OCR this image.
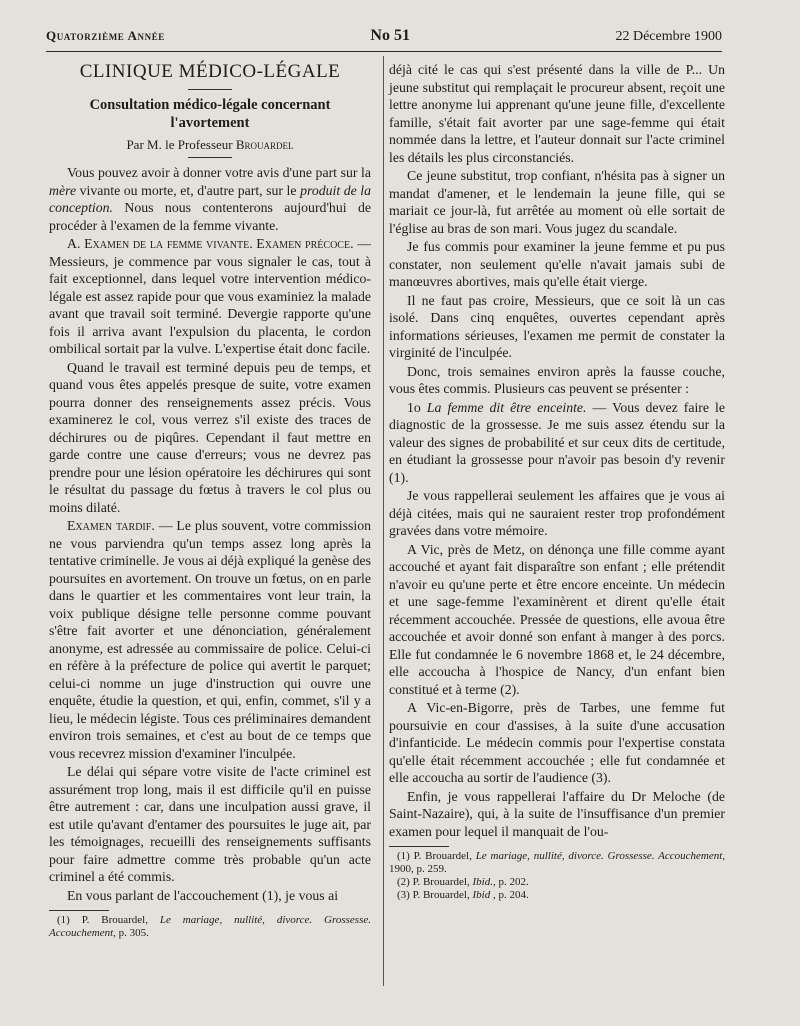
Quatorzième Année	No 51	22 Décembre 1900
CLINIQUE MÉDICO-LÉGALE
Consultation médico-légale concernant
l'avortement
Par M. le Professeur Brouardel

Vous pouvez avoir à donner votre avis d'une part sur la mère vivante ou morte, et, d'autre part, sur le produit de la conception. Nous nous contenterons aujourd'hui de procéder à l'examen de la femme vivante.

A. Examen de la femme vivante. Examen précoce. — Messieurs, je commence par vous signaler le cas, tout à fait exceptionnel, dans lequel votre intervention médico-légale est assez rapide pour que vous examiniez la malade avant que travail soit terminé. Devergie rapporte qu'une fois il arriva avant l'expulsion du placenta, le cordon ombilical sortait par la vulve. L'expertise était donc facile.

Quand le travail est terminé depuis peu de temps, et quand vous êtes appelés presque de suite, votre examen pourra donner des renseignements assez précis. Vous examinerez le col, vous verrez s'il existe des traces de déchirures ou de piqûres. Cependant il faut mettre en garde contre une cause d'erreurs; vous ne devrez pas prendre pour une lésion opératoire les déchirures qui sont le résultat du passage du fœtus à travers le col plus ou moins dilaté.

Examen tardif. — Le plus souvent, votre commission ne vous parviendra qu'un temps assez long après la tentative criminelle. Je vous ai déjà expliqué la genèse des poursuites en avortement. On trouve un fœtus, on en parle dans le quartier et les commentaires vont leur train, la voix publique désigne telle personne comme pouvant s'être fait avorter et une dénonciation, généralement anonyme, est adressée au commissaire de police. Celui-ci en réfère à la préfecture de police qui avertit le parquet; celui-ci nomme un juge d'instruction qui ouvre une enquête, étudie la question, et qui, enfin, commet, s'il y a lieu, le médecin légiste. Tous ces préliminaires demandent environ trois semaines, et c'est au bout de ce temps que vous recevrez mission d'examiner l'inculpée.

Le délai qui sépare votre visite de l'acte criminel est assurément trop long, mais il est difficile qu'il en puisse être autrement : car, dans une inculpation aussi grave, il est utile qu'avant d'entamer des poursuites le juge ait, par les témoignages, recueilli des renseignements suffisants pour faire admettre comme très probable qu'un acte criminel a été commis.

En vous parlant de l'accouchement (1), je vous ai

(1) P. Brouardel, Le mariage, nullité, divorce. Grossesse. Accouchement, p. 305.

déjà cité le cas qui s'est présenté dans la ville de P... Un jeune substitut qui remplaçait le procureur absent, reçoit une lettre anonyme lui apprenant qu'une jeune fille, d'excellente famille, s'était fait avorter par une sage-femme qui était nommée dans la lettre, et l'auteur donnait sur l'acte criminel les détails les plus circonstanciés.

Ce jeune substitut, trop confiant, n'hésita pas à signer un mandat d'amener, et le lendemain la jeune fille, qui se mariait ce jour-là, fut arrêtée au moment où elle sortait de l'église au bras de son mari. Vous jugez du scandale.

Je fus commis pour examiner la jeune femme et pu pus constater, non seulement qu'elle n'avait jamais subi de manœuvres abortives, mais qu'elle était vierge.

Il ne faut pas croire, Messieurs, que ce soit là un cas isolé. Dans cinq enquêtes, ouvertes cependant après informations sérieuses, l'examen me permit de constater la virginité de l'inculpée.

Donc, trois semaines environ après la fausse couche, vous êtes commis. Plusieurs cas peuvent se présenter :

1o La femme dit être enceinte. — Vous devez faire le diagnostic de la grossesse. Je me suis assez étendu sur la valeur des signes de probabilité et sur ceux dits de certitude, en étudiant la grossesse pour n'avoir pas besoin d'y revenir (1).

Je vous rappellerai seulement les affaires que je vous ai déjà citées, mais qui ne sauraient rester trop profondément gravées dans votre mémoire.

A Vic, près de Metz, on dénonça une fille comme ayant accouché et ayant fait disparaître son enfant ; elle prétendit n'avoir eu qu'une perte et être encore enceinte. Un médecin et une sage-femme l'examinèrent et dirent qu'elle était récemment accouchée. Pressée de questions, elle avoua être accouchée et avoir donné son enfant à manger à des porcs. Elle fut condamnée le 6 novembre 1868 et, le 24 décembre, elle accoucha à l'hospice de Nancy, d'un enfant bien constitué et à terme (2).

A Vic-en-Bigorre, près de Tarbes, une femme fut poursuivie en cour d'assises, à la suite d'une accusation d'infanticide. Le médecin commis pour l'expertise constata qu'elle était récemment accouchée ; elle fut condamnée et elle accoucha au sortir de l'audience (3).

Enfin, je vous rappellerai l'affaire du Dr Meloche (de Saint-Nazaire), qui, à la suite de l'insuffisance d'un premier examen pour lequel il manquait de l'ou-

(1) P. Brouardel, Le mariage, nullité, divorce. Grossesse. Accouchement, 1900, p. 259.

(2) P. Brouardel, Ibid., p. 202.

(3) P. Brouardel, Ibid , p. 204.
